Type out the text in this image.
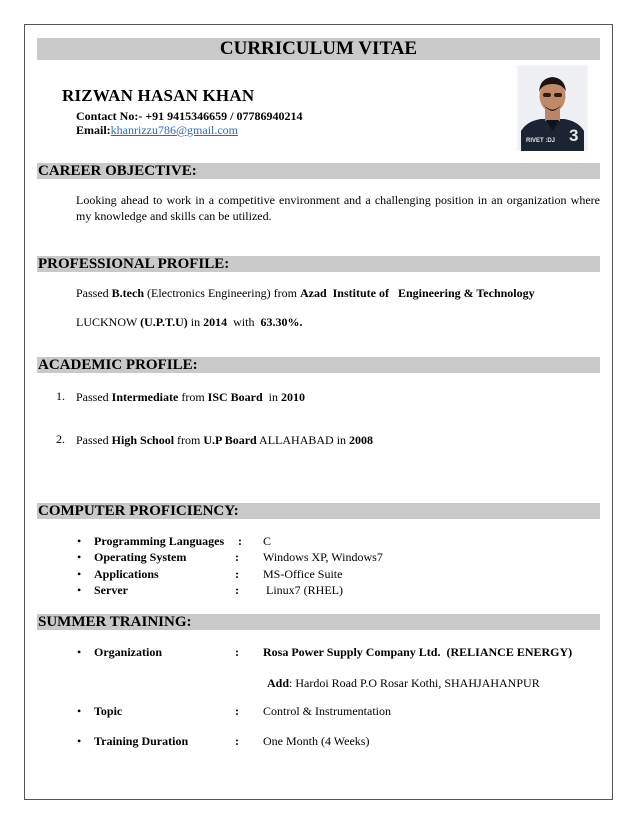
CURRICULUM VITAE
RIZWAN HASAN KHAN
Contact No:- +91 9415346659 / 07786940214
Email:khanrizzu786@gmail.com
RIVET :DJ 3
CAREER OBJECTIVE:
Looking ahead to work in a competitive environment and a challenging position in an organization where my knowledge and skills can be utilized.
PROFESSIONAL PROFILE:
Passed B.tech (Electronics Engineering) from Azad  Institute of   Engineering & Technology
LUCKNOW (U.P.T.U) in 2014  with  63.30%.
ACADEMIC PROFILE:
1. Passed Intermediate from ISC Board  in 2010
2. Passed High School from U.P Board ALLAHABAD in 2008
COMPUTER PROFICIENCY:
• Programming Languages : C
• Operating System	: Windows XP, Windows7
• Applications	: MS-Office Suite
• Server	: Linux7 (RHEL)
SUMMER TRAINING:
• Organization	: Rosa Power Supply Company Ltd.  (RELIANCE ENERGY)
Add: Hardoi Road P.O Rosar Kothi, SHAHJAHANPUR
• Topic	: Control & Instrumentation
• Training Duration	: One Month (4 Weeks)
